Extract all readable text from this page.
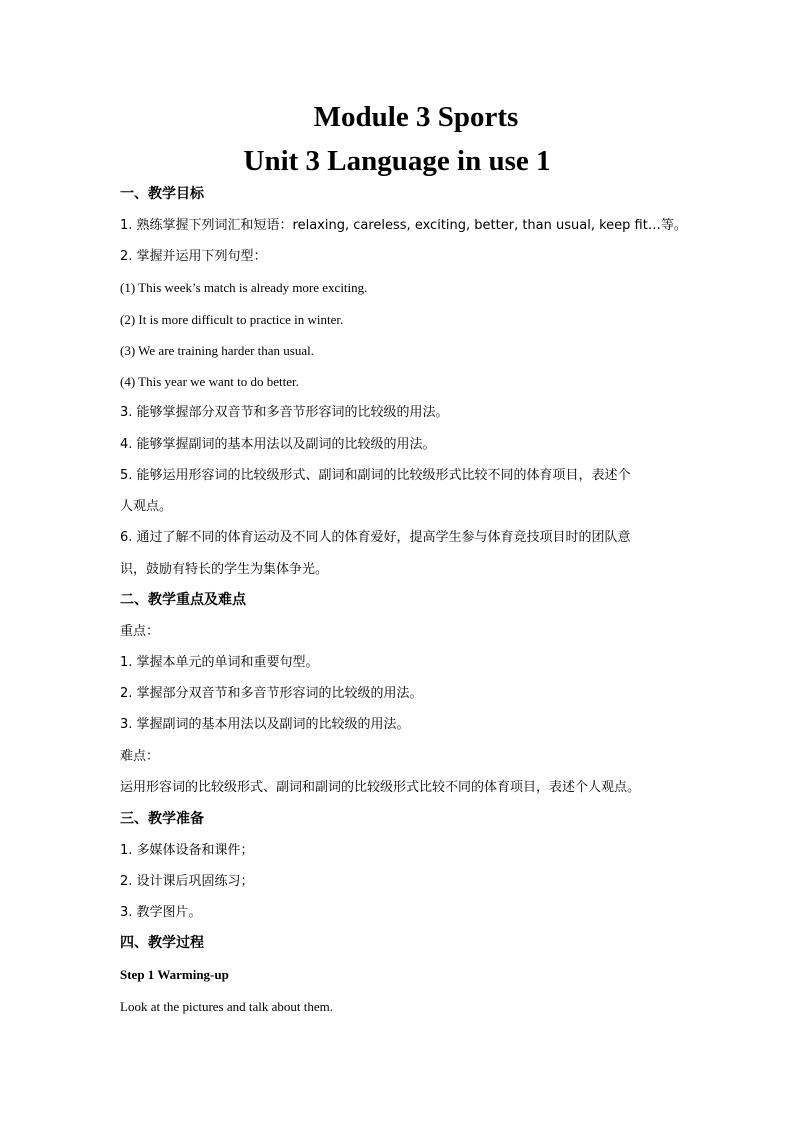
Module 3 Sports
Unit 3 Language in use 1
一、教学目标
1. 熟练掌握下列词汇和短语：relaxing, careless, exciting, better, than usual, keep fit…等。
2. 掌握并运用下列句型：
(1) This week’s match is already more exciting.
(2) It is more difficult to practice in winter.
(3) We are training harder than usual.
(4) This year we want to do better.
3. 能够掌握部分双音节和多音节形容词的比较级的用法。
4. 能够掌握副词的基本用法以及副词的比较级的用法。
5. 能够运用形容词的比较级形式、副词和副词的比较级形式比较不同的体育项目，表述个
人观点。
6. 通过了解不同的体育运动及不同人的体育爱好，提高学生参与体育竞技项目时的团队意
识，鼓励有特长的学生为集体争光。
二、教学重点及难点
重点：
1. 掌握本单元的单词和重要句型。
2. 掌握部分双音节和多音节形容词的比较级的用法。
3. 掌握副词的基本用法以及副词的比较级的用法。
难点：
运用形容词的比较级形式、副词和副词的比较级形式比较不同的体育项目，表述个人观点。
三、教学准备
1. 多媒体设备和课件；
2. 设计课后巩固练习；
3. 教学图片。
四、教学过程
Step 1 Warming-up
Look at the pictures and talk about them.
